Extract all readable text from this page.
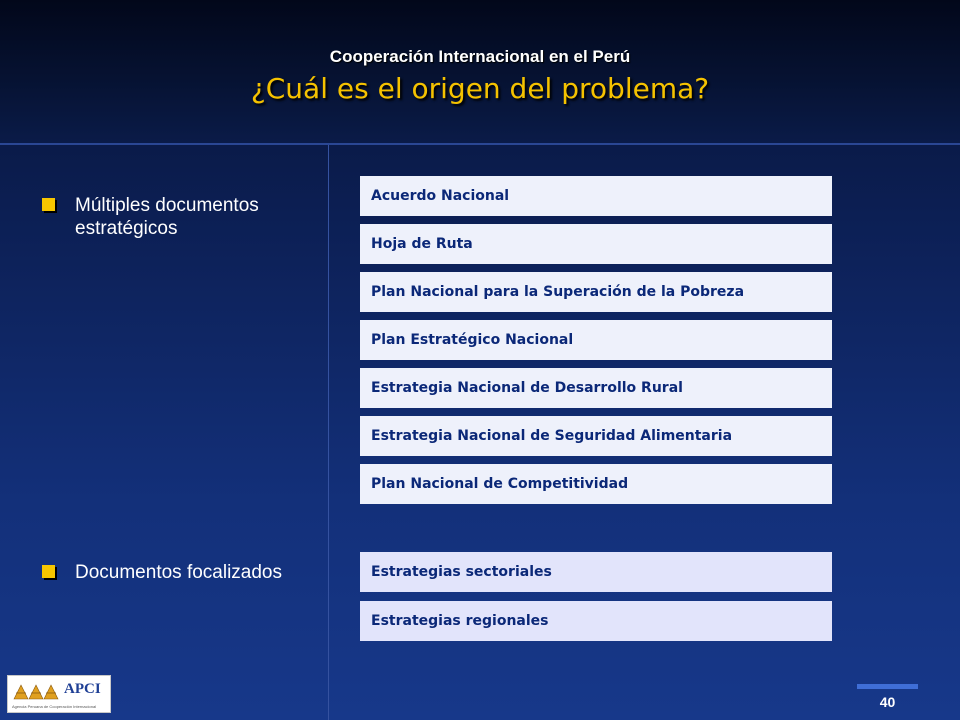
Cooperación Internacional en el Perú
¿Cuál es el origen del problema?
Múltiples documentos estratégicos
Documentos focalizados
Acuerdo Nacional
Hoja de Ruta
Plan Nacional para la Superación de la Pobreza
Plan Estratégico Nacional
Estrategia Nacional de Desarrollo Rural
Estrategia Nacional de Seguridad Alimentaria
Plan Nacional de Competitividad
Estrategias sectoriales
Estrategias regionales
APCI
Agencia Peruana de Cooperación Internacional	40
